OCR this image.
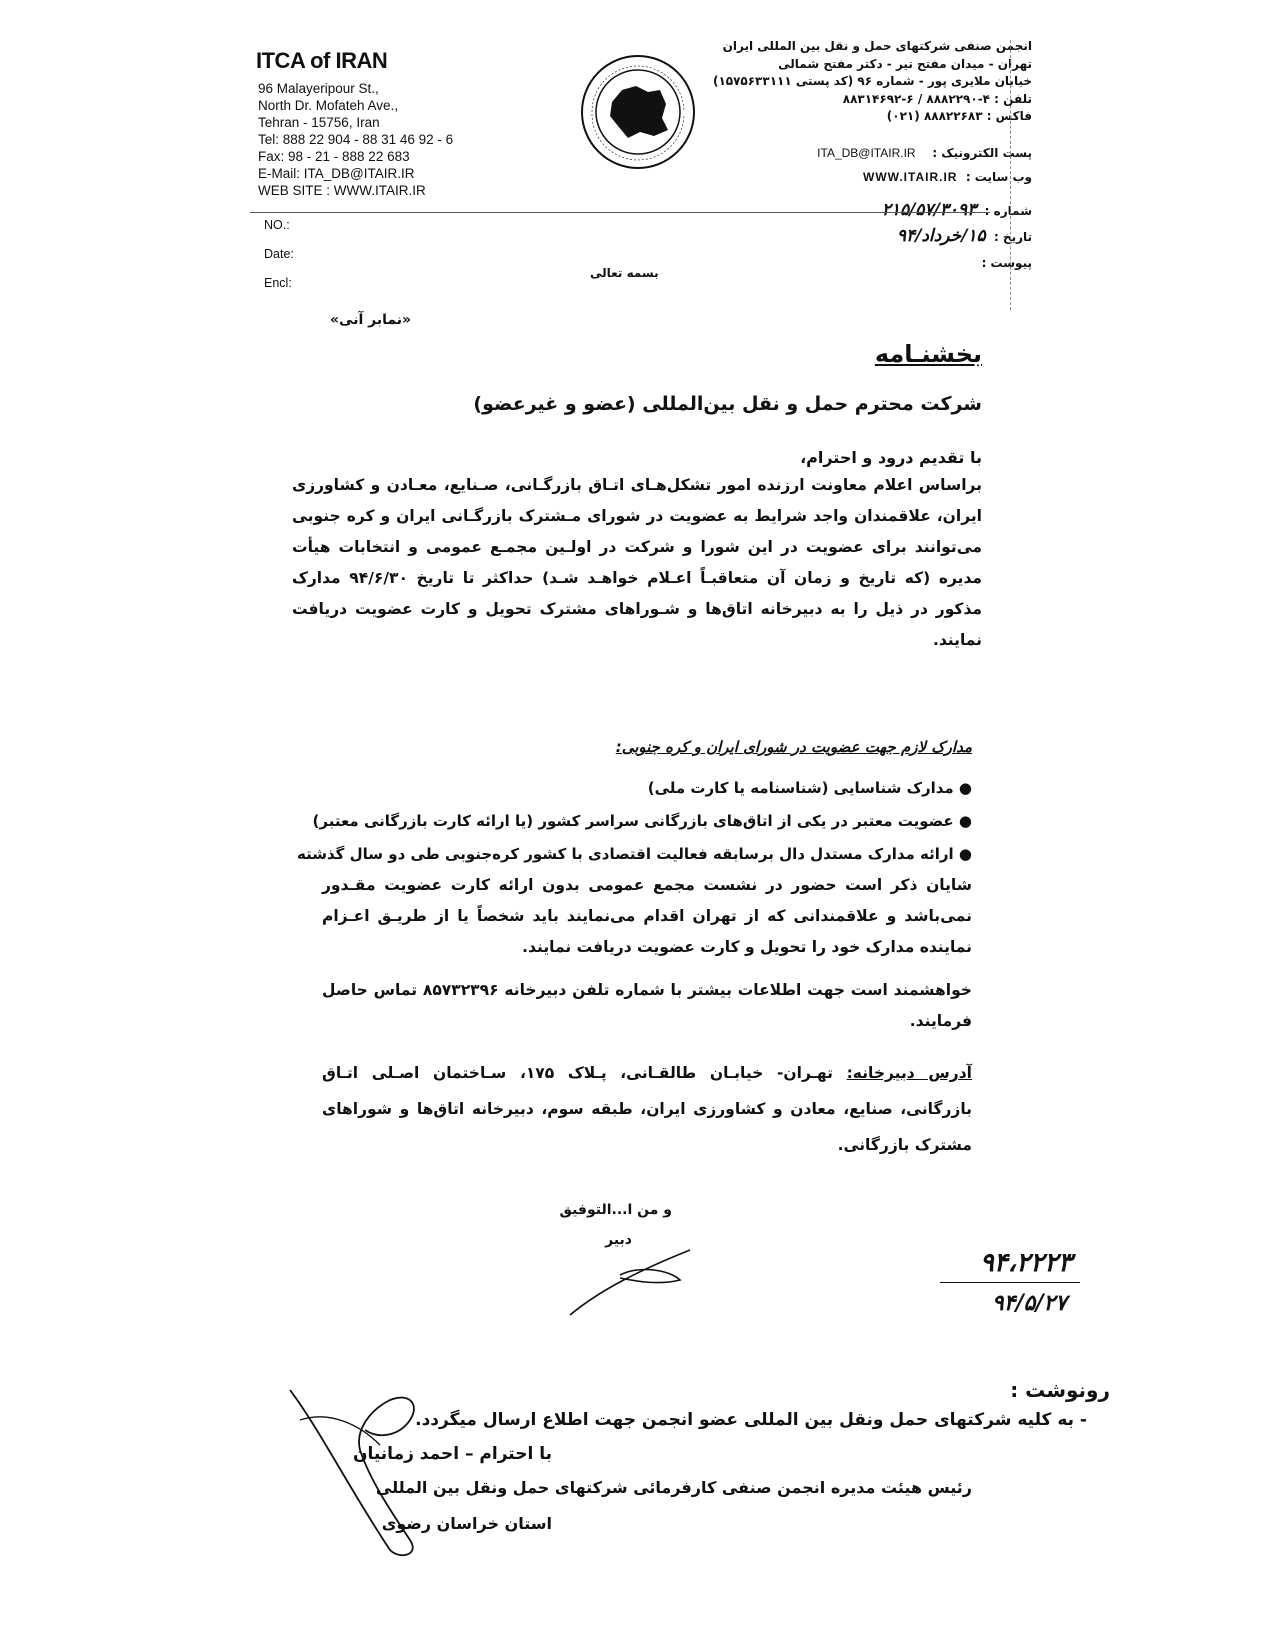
ITCA of IRAN
96 Malayeripour St.,
North Dr. Mofateh Ave.,
Tehran - 15756, Iran
Tel: 888 22 904 - 88 31 46 92 - 6
Fax: 98 - 21 - 888 22 683
E-Mail: ITA_DB@ITAIR.IR
WEB SITE : WWW.ITAIR.IR
NO.:
Date:
Encl:
انجمن صنفی شرکتهای حمل و نقل بین المللی ایران
تهران - میدان مفتح تیر - دکتر مفتح شمالی
خیابان ملایری پور - شماره ۹۶ (کد پستی ۱۵۷۵۶۳۳۱۱۱)
تلفن : ۴-۸۸۸۲۲۹۰ / ۶-۸۸۳۱۴۶۹۲
فاکس : ۸۸۸۲۲۶۸۳ (۰۲۱)
پست الکترونیک :    ITA_DB@ITAIR.IR
وب سایت :  WWW.ITAIR.IR
شماره :  ۲۱۵/۵۷/۳۰۹۳
تاریخ :  ۱۵/خرداد/۹۴
پیوست :
بسمه تعالی
«نمابر آنی»
بخشنـامه
شرکت محترم حمل و نقل بین‌المللی (عضو و غیرعضو)
با تقدیم درود و احترام،
براساس اعلام معاونت ارزنده امور تشکل‌هـای اتـاق بازرگـانی، صـنایع، معـادن و کشاورزی ایران، علاقمندان واجد شرایط به عضویت در شورای مـشترک بازرگـانی ایران و کره جنوبی می‌توانند برای عضویت در این شورا و شرکت در اولـین مجمـع عمومی و انتخابات هیأت مدیره (که تاریخ و زمان آن متعاقبـاً اعـلام خواهـد شـد) حداکثر تا تاریخ ۹۴/۶/۳۰ مدارک مذکور در ذیل را به دبیرخانه اتاق‌ها و شـوراهای مشترک تحویل و کارت عضویت دریافت نمایند.
مدارک لازم جهت عضویت در شورای ایران و کره جنوبی:
● مدارک شناسایی (شناسنامه یا کارت ملی)
● عضویت معتبر در یکی از اتاق‌های بازرگانی سراسر کشور (یا ارائه کارت بازرگانی معتبر)
● ارائه مدارک مستدل دال برسابقه فعالیت اقتصادی با کشور کره‌جنوبی طی دو سال گذشته
شایان ذکر است حضور در نشست مجمع عمومی بدون ارائه کارت عضویت مقـدور نمی‌باشد و علاقمندانی که از تهران اقدام می‌نمایند باید شخصاً یا از طریـق اعـزام نماینده مدارک خود را تحویل و کارت عضویت دریافت نمایند.
خواهشمند است جهت اطلاعات بیشتر با شماره تلفن دبیرخانه ۸۵۷۳۲۳۹۶ تماس حاصل فرمایند.
آدرس دبیرخانه: تهـران- خیابـان طالقـانی، پـلاک ۱۷۵، سـاختمان اصـلی اتـاق بازرگانی، صنایع، معادن و کشاورزی ایران، طبقه سوم، دبیرخانه اتاق‌ها و شوراهای مشترک بازرگانی.
و من ا...التوفیق
دبیر
۹۴،۲۲۲۳
۹۴/۵/۲۷
رونوشت :
- به کلیه شرکتهای حمل ونقل بین المللی عضو انجمن جهت اطلاع ارسال میگردد.
با احترام – احمد زمانیان
رئیس هیئت مدیره انجمن صنفی کارفرمائی شرکتهای حمل ونقل بین المللی
استان خراسان رضوی
